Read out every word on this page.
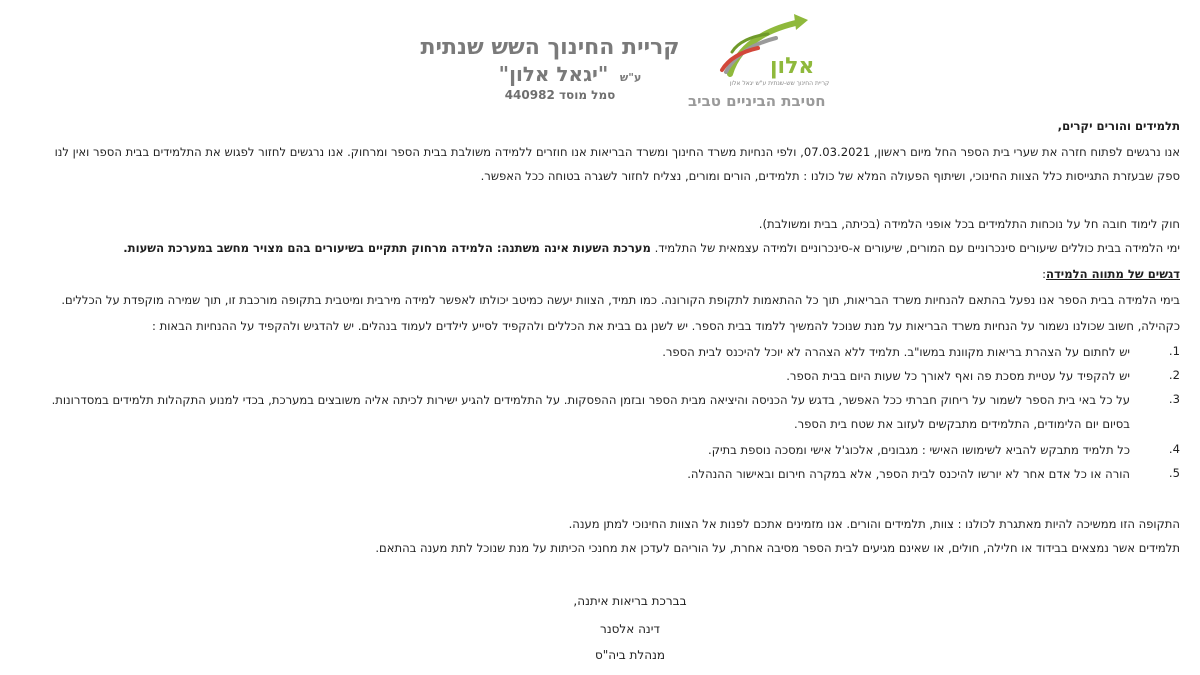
קריית החינוך השש שנתית
ע"ש "יגאל אלון"
סמל מוסד 440982
אלון
קריית החינוך שש-שנתית ע"ש יגאל אלון
חטיבת הביניים טביב
תלמידים והורים יקרים,
אנו נרגשים לפתוח חזרה את שערי בית הספר החל מיום ראשון, 07.03.2021, ולפי הנחיות משרד החינוך ומשרד הבריאות אנו חוזרים ללמידה משולבת בבית הספר ומרחוק. אנו נרגשים לחזור לפגוש את התלמידים בבית הספר ואין לנו
ספק שבעזרת התגייסות כלל הצוות החינוכי, ושיתוף הפעולה המלא של כולנו : תלמידים, הורים ומורים, נצליח לחזור לשגרה בטוחה ככל האפשר.
חוק לימוד חובה חל על נוכחות התלמידים בכל אופני הלמידה (בכיתה, בבית ומשולבת).
ימי הלמידה בבית כוללים שיעורים סינכרוניים עם המורים, שיעורים א-סינכרוניים ולמידה עצמאית של התלמיד. מערכת השעות אינה משתנה: הלמידה מרחוק תתקיים בשיעורים בהם מצויר מחשב במערכת השעות.
דגשים של מתווה הלמידה:
בימי הלמידה בבית הספר אנו נפעל בהתאם להנחיות משרד הבריאות, תוך כל ההתאמות לתקופת הקורונה. כמו תמיד, הצוות יעשה כמיטב יכולתו לאפשר למידה מירבית ומיטבית בתקופה מורכבת זו, תוך שמירה מוקפדת על הכללים.
כקהילה, חשוב שכולנו נשמור על הנחיות משרד הבריאות על מנת שנוכל להמשיך ללמוד בבית הספר. יש לשנן גם בבית את הכללים ולהקפיד לסייע לילדים לעמוד בנהלים. יש להדגיש ולהקפיד על ההנחיות הבאות :
1.
יש לחתום על הצהרת בריאות מקוונת במשו"ב. תלמיד ללא הצהרה לא יוכל להיכנס לבית הספר.
2.
יש להקפיד על עטיית מסכת פה ואף לאורך כל שעות היום בבית הספר.
3.
על כל באי בית הספר לשמור על ריחוק חברתי ככל האפשר, בדגש על הכניסה והיציאה מבית הספר ובזמן ההפסקות. על התלמידים להגיע ישירות לכיתה אליה משובצים במערכת, בכדי למנוע התקהלות תלמידים במסדרונות.
בסיום יום הלימודים, התלמידים מתבקשים לעזוב את שטח בית הספר.
4.
כל תלמיד מתבקש להביא לשימושו האישי : מגבונים, אלכוג'ל אישי ומסכה נוספת בתיק.
5.
הורה או כל אדם אחר לא יורשו להיכנס לבית הספר, אלא במקרה חירום ובאישור ההנהלה.
התקופה הזו ממשיכה להיות מאתגרת לכולנו : צוות, תלמידים והורים. אנו מזמינים אתכם לפנות אל הצוות החינוכי למתן מענה.
תלמידים אשר נמצאים בבידוד או חלילה, חולים, או שאינם מגיעים לבית הספר מסיבה אחרת, על הוריהם לעדכן את מחנכי הכיתות על מנת שנוכל לתת מענה בהתאם.
בברכת בריאות איתנה,
דינה אלסנר
מנהלת ביה"ס
